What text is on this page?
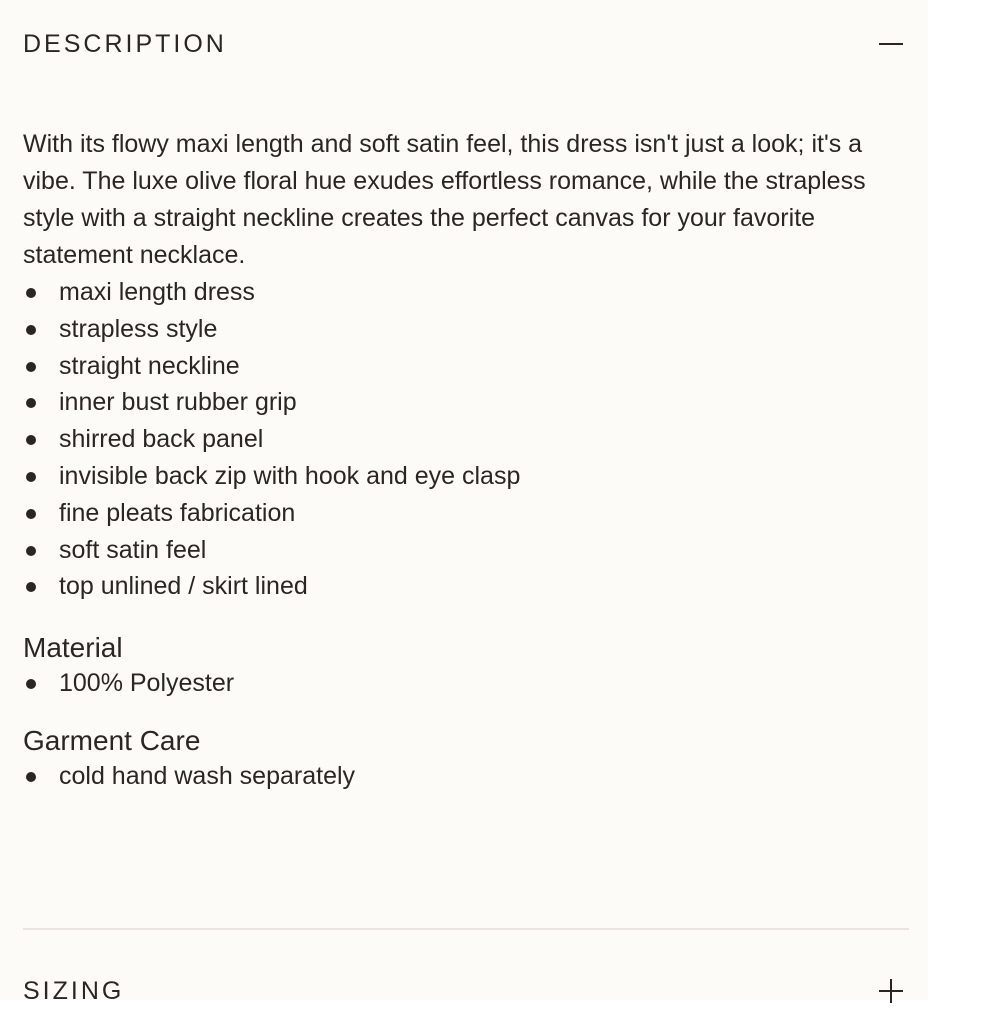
DESCRIPTION

With its flowy maxi length and soft satin feel, this dress isn't just a look; it's a vibe. The luxe olive floral hue exudes effortless romance, while the strapless style with a straight neckline creates the perfect canvas for your favorite statement necklace.

maxi length dress
strapless style
straight neckline
inner bust rubber grip
shirred back panel
invisible back zip with hook and eye clasp
fine pleats fabrication
soft satin feel
top unlined / skirt lined
Material
100% Polyester
Garment Care
cold hand wash separately
SIZING
